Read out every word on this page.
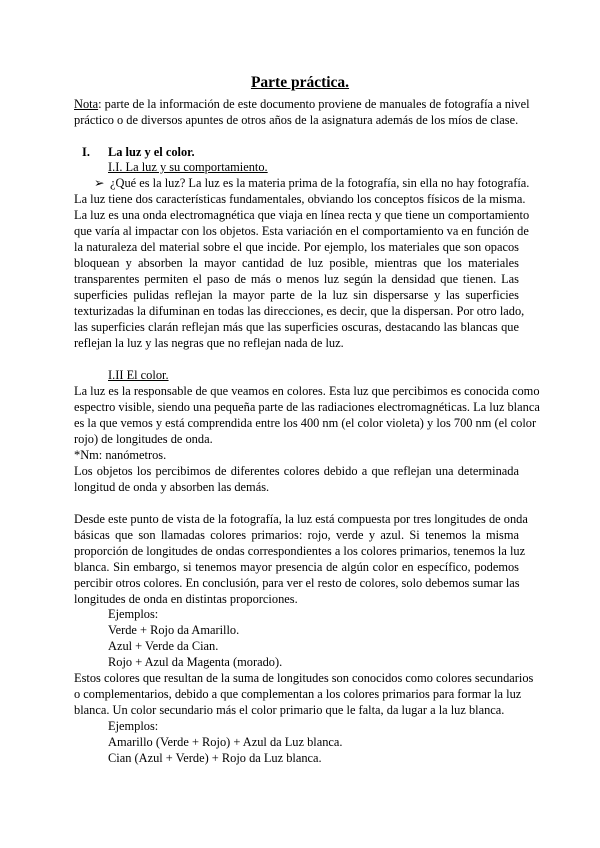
Parte práctica.
Nota: parte de la información de este documento proviene de manuales de fotografía a nivel
práctico o de diversos apuntes de otros años de la asignatura además de los míos de clase.
I. La luz y el color.
I.I. La luz y su comportamiento.
➢ ¿Qué es la luz? La luz es la materia prima de la fotografía, sin ella no hay fotografía.
La luz tiene dos características fundamentales, obviando los conceptos físicos de la misma.
La luz es una onda electromagnética que viaja en línea recta y que tiene un comportamiento
que varía al impactar con los objetos. Esta variación en el comportamiento va en función de
la naturaleza del material sobre el que incide. Por ejemplo, los materiales que son opacos
bloquean y absorben la mayor cantidad de luz posible, mientras que los materiales
transparentes permiten el paso de más o menos luz según la densidad que tienen. Las
superficies pulidas reflejan la mayor parte de la luz sin dispersarse y las superficies
texturizadas la difuminan en todas las direcciones, es decir, que la dispersan. Por otro lado,
las superficies clarán reflejan más que las superficies oscuras, destacando las blancas que
reflejan la luz y las negras que no reflejan nada de luz.
I.II El color.
La luz es la responsable de que veamos en colores. Esta luz que percibimos es conocida como
espectro visible, siendo una pequeña parte de las radiaciones electromagnéticas. La luz blanca
es la que vemos y está comprendida entre los 400 nm (el color violeta) y los 700 nm (el color
rojo) de longitudes de onda.
*Nm: nanómetros.
Los objetos los percibimos de diferentes colores debido a que reflejan una determinada
longitud de onda y absorben las demás.
Desde este punto de vista de la fotografía, la luz está compuesta por tres longitudes de onda
básicas que son llamadas colores primarios: rojo, verde y azul. Si tenemos la misma
proporción de longitudes de ondas correspondientes a los colores primarios, tenemos la luz
blanca. Sin embargo, si tenemos mayor presencia de algún color en específico, podemos
percibir otros colores. En conclusión, para ver el resto de colores, solo debemos sumar las
longitudes de onda en distintas proporciones.
Ejemplos:
Verde + Rojo da Amarillo.
Azul + Verde da Cian.
Rojo + Azul da Magenta (morado).
Estos colores que resultan de la suma de longitudes son conocidos como colores secundarios
o complementarios, debido a que complementan a los colores primarios para formar la luz
blanca. Un color secundario más el color primario que le falta, da lugar a la luz blanca.
Ejemplos:
Amarillo (Verde + Rojo) + Azul da Luz blanca.
Cian (Azul + Verde) + Rojo da Luz blanca.
